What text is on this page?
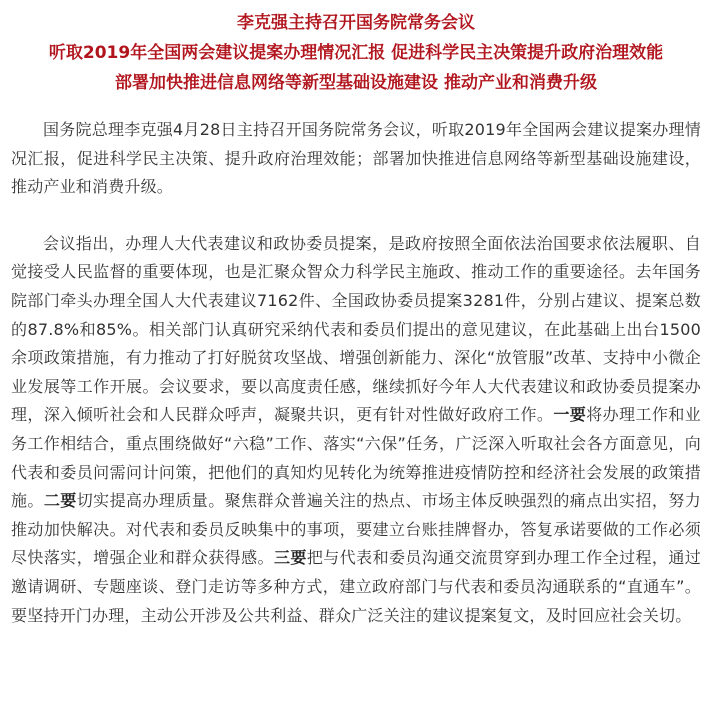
李克强主持召开国务院常务会议

听取2019年全国两会建议提案办理情况汇报 促进科学民主决策提升政府治理效能

部署加快推进信息网络等新型基础设施建设 推动产业和消费升级

国务院总理李克强4月28日主持召开国务院常务会议，听取2019年全国两会建议提案办理情况汇报，促进科学民主决策、提升政府治理效能；部署加快推进信息网络等新型基础设施建设，推动产业和消费升级。

会议指出，办理人大代表建议和政协委员提案，是政府按照全面依法治国要求依法履职、自觉接受人民监督的重要体现，也是汇聚众智众力科学民主施政、推动工作的重要途径。去年国务院部门牵头办理全国人大代表建议7162件、全国政协委员提案3281件，分别占建议、提案总数的87.8%和85%。相关部门认真研究采纳代表和委员们提出的意见建议，在此基础上出台1500余项政策措施，有力推动了打好脱贫攻坚战、增强创新能力、深化“放管服”改革、支持中小微企业发展等工作开展。会议要求，要以高度责任感，继续抓好今年人大代表建议和政协委员提案办理，深入倾听社会和人民群众呼声，凝聚共识，更有针对性做好政府工作。一要将办理工作和业务工作相结合，重点围绕做好“六稳”工作、落实“六保”任务，广泛深入听取社会各方面意见，向代表和委员问需问计问策，把他们的真知灼见转化为统筹推进疫情防控和经济社会发展的政策措施。二要切实提高办理质量。聚焦群众普遍关注的热点、市场主体反映强烈的痛点出实招，努力推动加快解决。对代表和委员反映集中的事项，要建立台账挂牌督办，答复承诺要做的工作必须尽快落实，增强企业和群众获得感。三要把与代表和委员沟通交流贯穿到办理工作全过程，通过邀请调研、专题座谈、登门走访等多种方式，建立政府部门与代表和委员沟通联系的“直通车”。要坚持开门办理，主动公开涉及公共利益、群众广泛关注的建议提案复文，及时回应社会关切。
